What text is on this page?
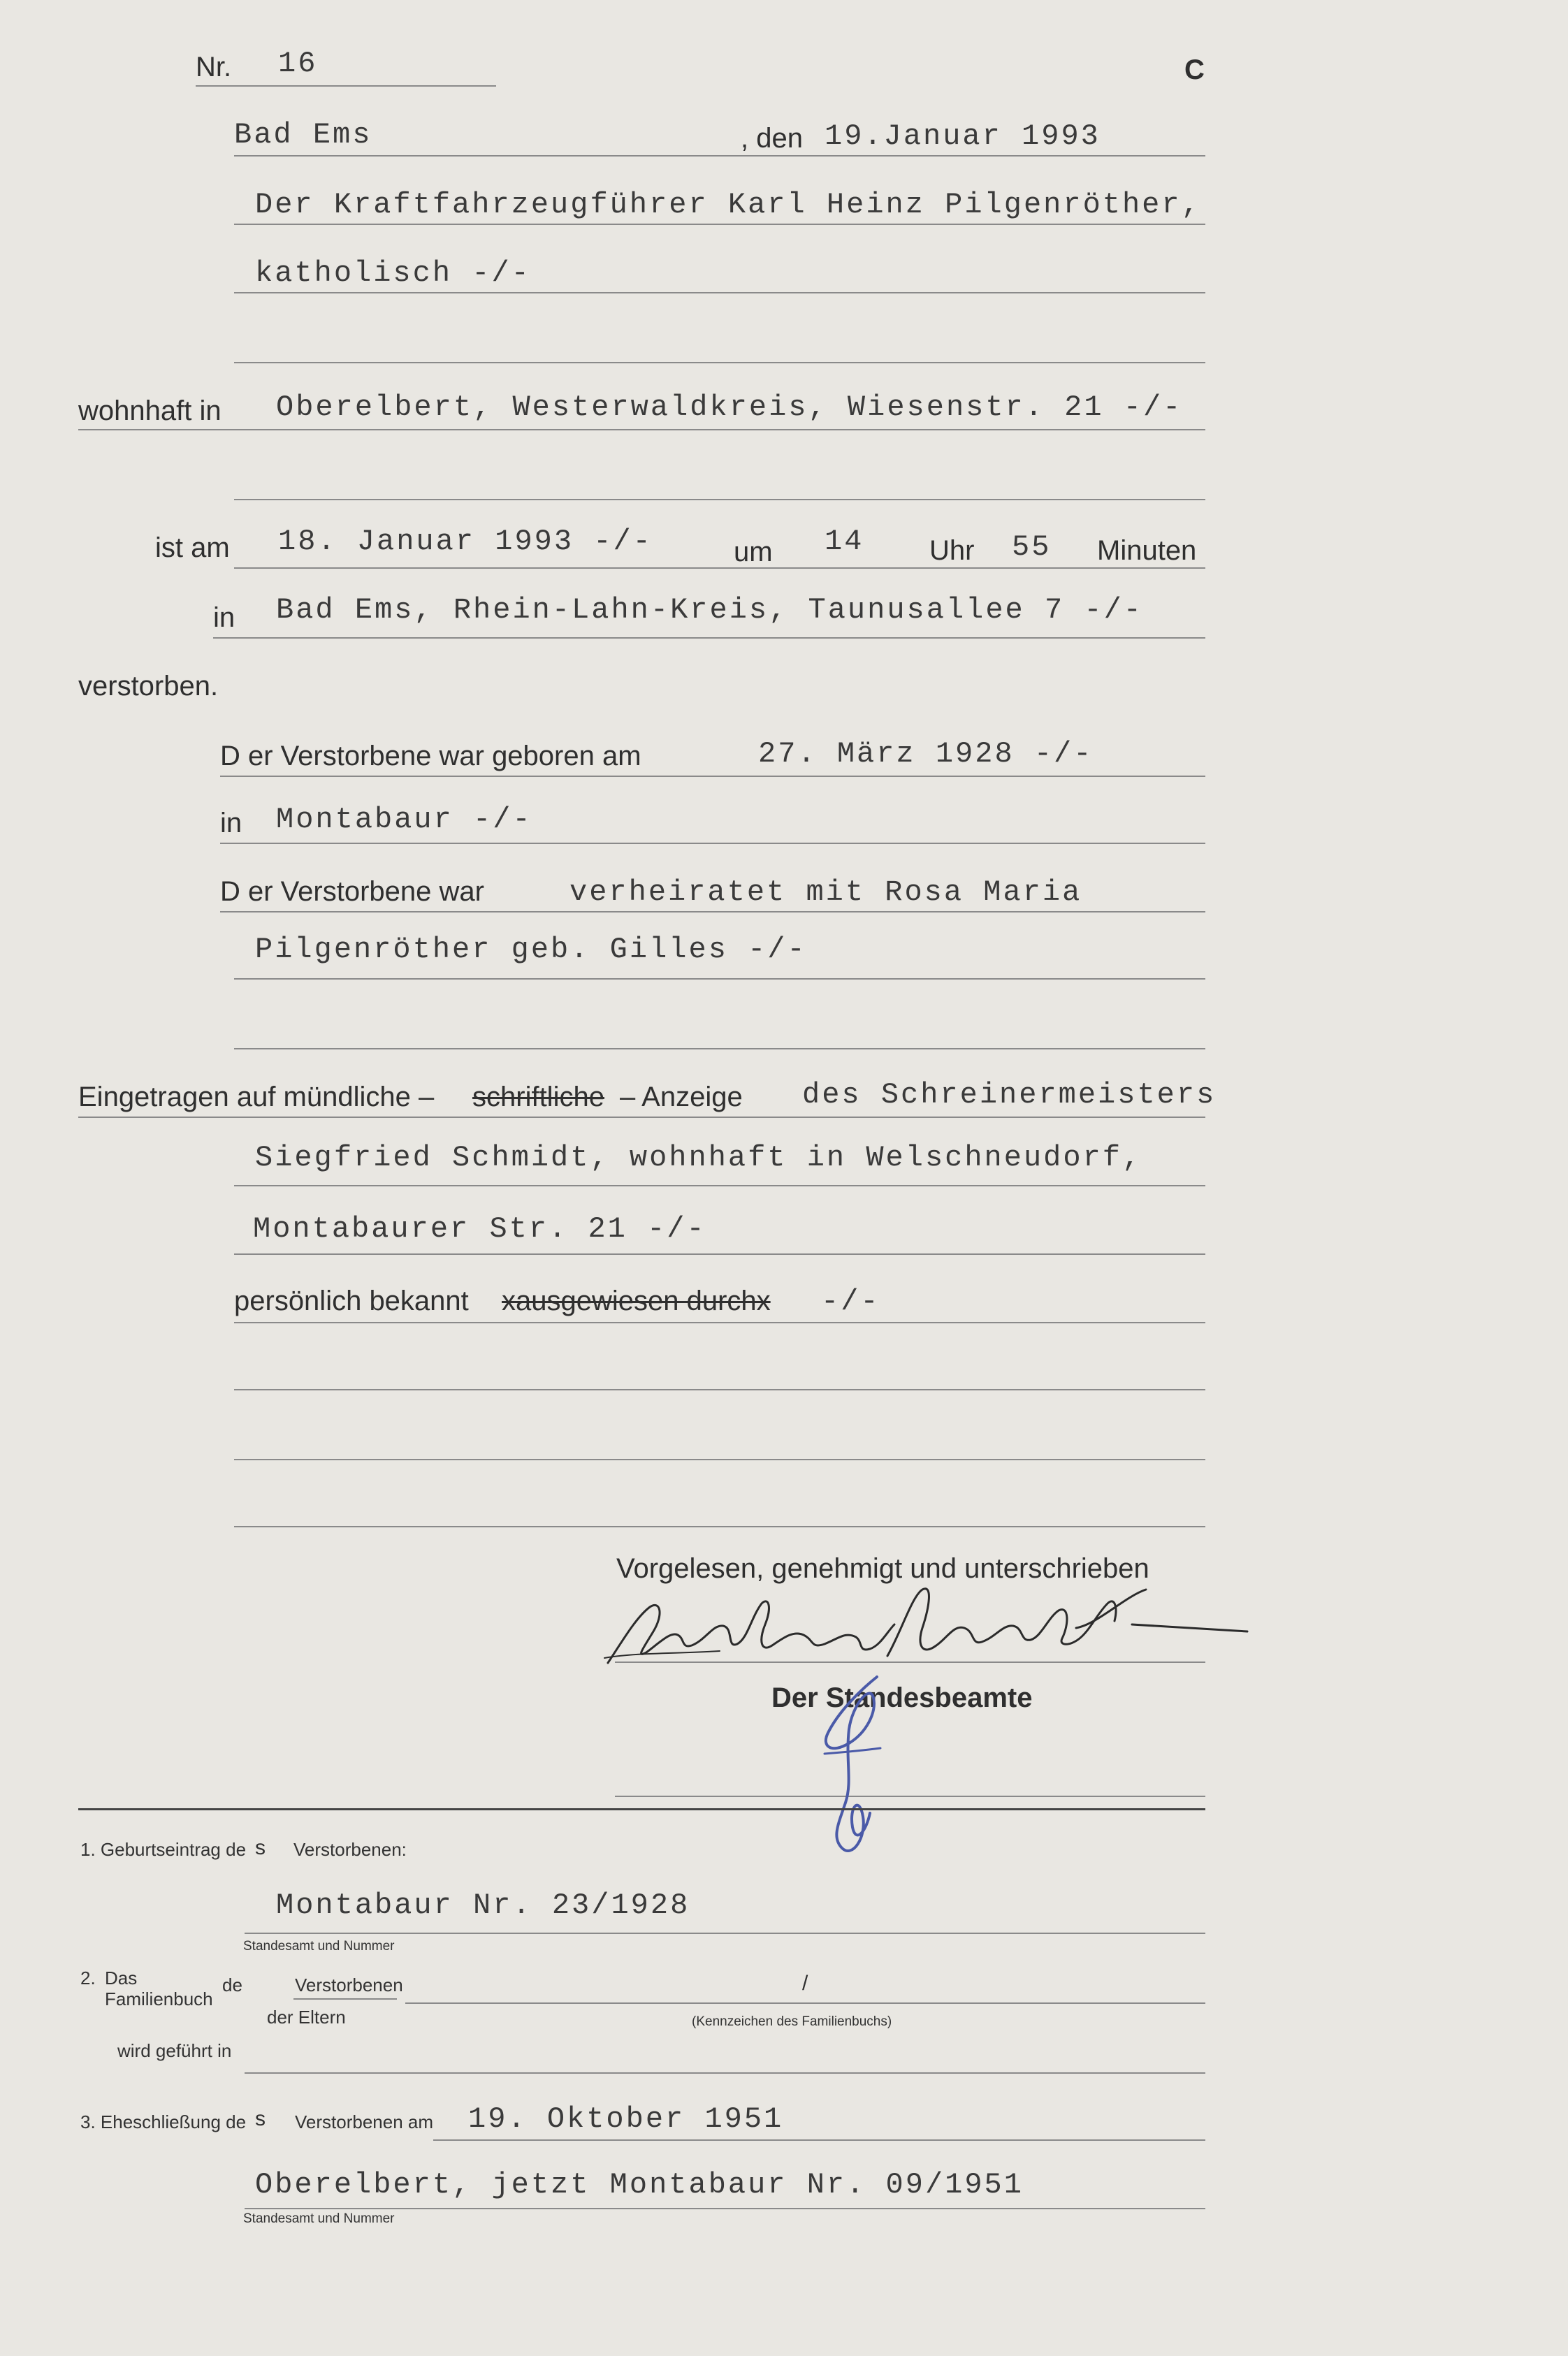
Nr. 16	C
Bad Ems	, den 19.Januar 1993
Der Kraftfahrzeugführer Karl Heinz Pilgenröther,
katholisch -/-
wohnhaft in Oberelbert, Westerwaldkreis, Wiesenstr. 21 -/-
ist am 18. Januar 1993 -/-	um 14 Uhr 55 Minuten
in Bad Ems, Rhein-Lahn-Kreis, Taunusallee 7 -/-
verstorben.
D er Verstorbene war geboren am	27. März 1928 -/-
in Montabaur -/-
D er Verstorbene war	verheiratet mit Rosa Maria
Pilgenröther geb. Gilles -/-
Eingetragen auf mündliche – schriftliche – Anzeige des Schreinermeisters
Siegfried Schmidt, wohnhaft in Welschneudorf,
Montabaurer Str. 21 -/-
persönlich bekannt xausgewiesen durchx -/-
Vorgelesen, genehmigt und unterschrieben
Der Standesbeamte
1. Geburtseintrag de s Verstorbenen:
Montabaur Nr. 23/1928
Standesamt und Nummer
2. Das
Familienbuch
de	Verstorbenen
der Eltern
/
(Kennzeichen des Familienbuchs)
wird geführt in
3. Eheschließung de s Verstorbenen am 19. Oktober 1951
Oberelbert, jetzt Montabaur Nr. 09/1951
Standesamt und Nummer
